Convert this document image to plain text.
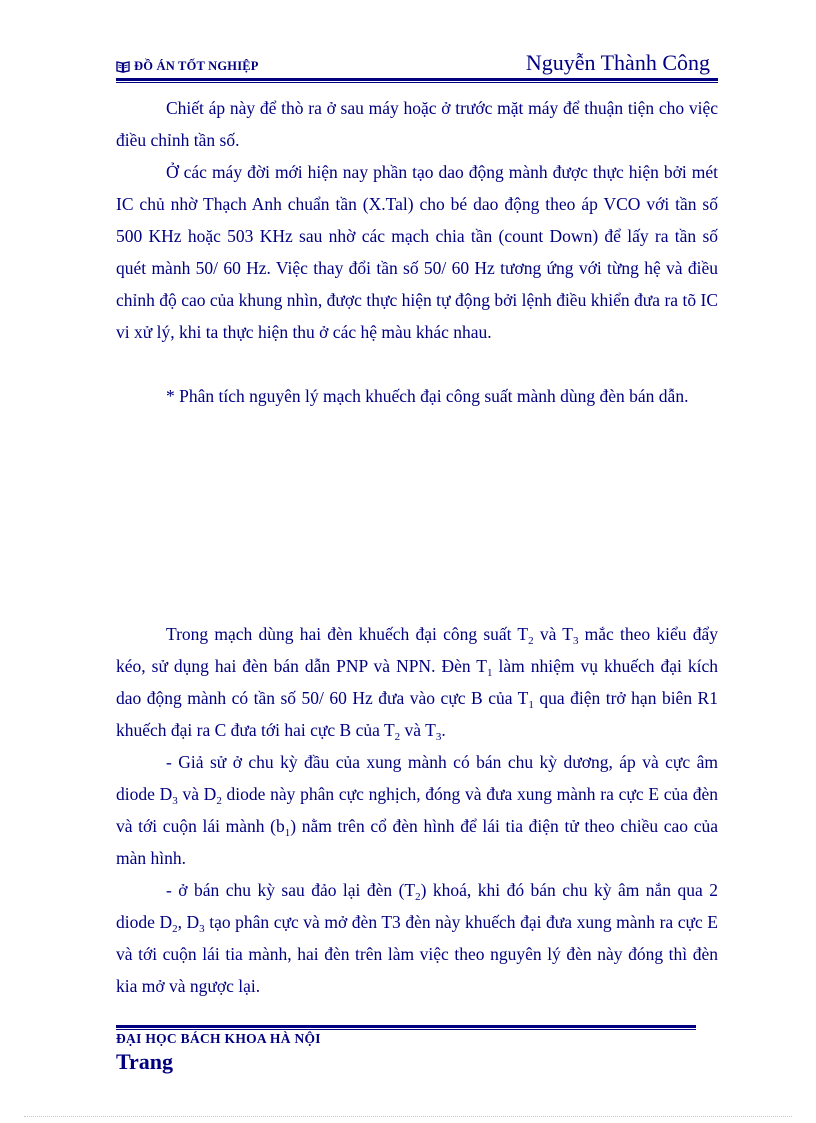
ĐỒ ÁN TỐT NGHIỆP	Nguyễn Thành Công

Chiết áp này để thò ra ở sau máy hoặc ở trước mặt máy để thuận tiện cho việc điều chỉnh tần số.

Ở các máy đời mới hiện nay phần tạo dao động mành được thực hiện bởi mét IC chủ nhờ Thạch Anh chuẩn tần (X.Tal) cho bé dao động theo áp VCO với tần số 500 KHz hoặc 503 KHz sau nhờ các mạch chia tần (count Down) để lấy ra tần số quét mành 50/ 60 Hz. Việc thay đổi tần số 50/ 60 Hz tương ứng với từng hệ và điều chỉnh độ cao của khung nhìn, được thực hiện tự động bởi lệnh điều khiển đưa ra tõ IC vi xử lý, khi ta thực hiện thu ở các hệ màu khác nhau.

* Phân tích nguyên lý mạch khuếch đại công suất mành dùng đèn bán dẫn.

Trong mạch dùng hai đèn khuếch đại công suất $T_2$ và $T_3$ mắc theo kiểu đẩy kéo, sử dụng hai đèn bán dẫn PNP và NPN. Đèn $T_1$ làm nhiệm vụ khuếch đại kích dao động mành có tần số 50/ 60 Hz đưa vào cực B của $T_1$ qua điện trở hạn biên R1 khuếch đại ra C đưa tới hai cực B của $T_2$ và $T_3$.

- Giả sử ở chu kỳ đầu của xung mành có bán chu kỳ dương, áp và cực âm diode $D_3$ và $D_2$ diode này phân cực nghịch, đóng và đưa xung mành ra cực E của đèn và tới cuộn lái mành $(b_1)$ nằm trên cổ đèn hình để lái tia điện tử theo chiều cao của màn hình.

- ở bán chu kỳ sau đảo lại đèn $(T_2)$ khoá, khi đó bán chu kỳ âm nắn qua 2 diode $D_2$, $D_3$ tạo phân cực và mở đèn T3 đèn này khuếch đại đưa xung mành ra cực E và tới cuộn lái tia mành, hai đèn trên làm việc theo nguyên lý đèn này đóng thì đèn kia mở và ngược lại.

ĐẠI HỌC BÁCH KHOA HÀ NỘI
Trang
